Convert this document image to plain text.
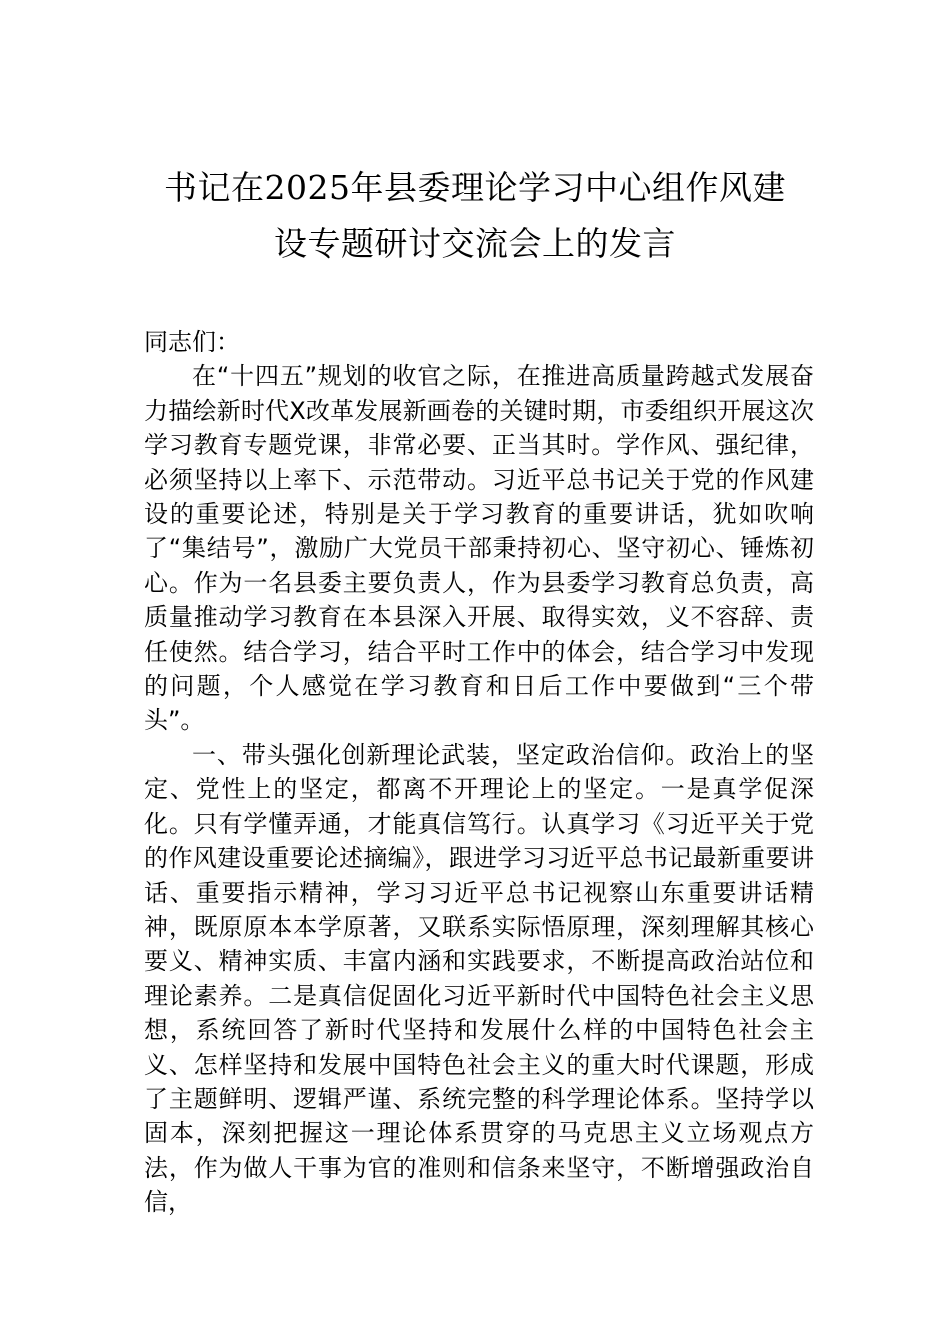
书记在2025年县委理论学习中心组作风建
设专题研讨交流会上的发言

同志们：

在“十四五”规划的收官之际，在推进高质量跨越式发展奋力描绘新时代X改革发展新画卷的关键时期，市委组织开展这次学习教育专题党课，非常必要、正当其时。学作风、强纪律，必须坚持以上率下、示范带动。习近平总书记关于党的作风建设的重要论述，特别是关于学习教育的重要讲话，犹如吹响了“集结号”，激励广大党员干部秉持初心、坚守初心、锤炼初心。作为一名县委主要负责人，作为县委学习教育总负责，高质量推动学习教育在本县深入开展、取得实效，义不容辞、责任使然。结合学习，结合平时工作中的体会，结合学习中发现的问题，个人感觉在学习教育和日后工作中要做到“三个带头”。

一、带头强化创新理论武装，坚定政治信仰。政治上的坚定、党性上的坚定，都离不开理论上的坚定。一是真学促深化。只有学懂弄通，才能真信笃行。认真学习《习近平关于党的作风建设重要论述摘编》，跟进学习习近平总书记最新重要讲话、重要指示精神，学习习近平总书记视察山东重要讲话精神，既原原本本学原著，又联系实际悟原理，深刻理解其核心要义、精神实质、丰富内涵和实践要求，不断提高政治站位和理论素养。二是真信促固化习近平新时代中国特色社会主义思想，系统回答了新时代坚持和发展什么样的中国特色社会主义、怎样坚持和发展中国特色社会主义的重大时代课题，形成了主题鲜明、逻辑严谨、系统完整的科学理论体系。坚持学以固本，深刻把握这一理论体系贯穿的马克思主义立场观点方法，作为做人干事为官的准则和信条来坚守，不断增强政治自信，
